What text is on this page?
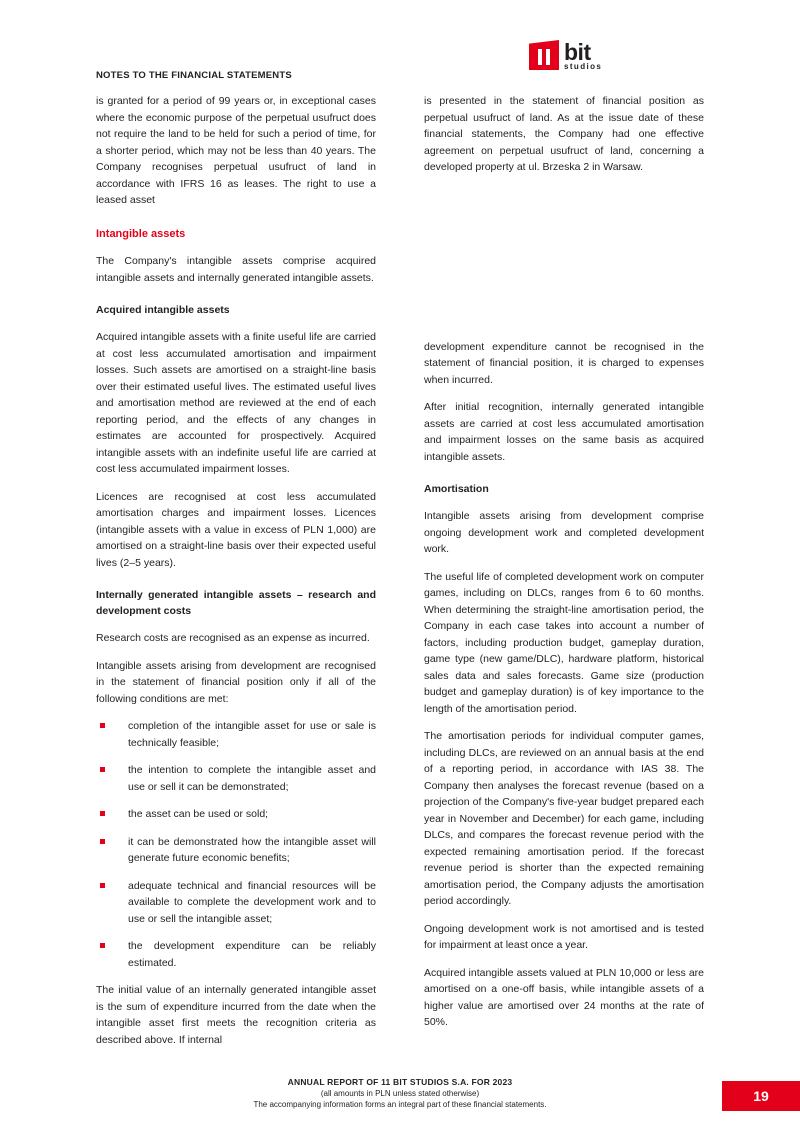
bit
studios
NOTES TO THE FINANCIAL STATEMENTS

is granted for a period of 99 years or, in exceptional cases where the economic purpose of the perpetual usufruct does not require the land to be held for such a period of time, for a shorter period, which may not be less than 40 years. The Company recognises perpetual usufruct of land in accordance with IFRS 16 as leases. The right to use a leased asset

Intangible assets

The Company's intangible assets comprise acquired intangible assets and internally generated intangible assets.

Acquired intangible assets

Acquired intangible assets with a finite useful life are carried at cost less accumulated amortisation and impairment losses. Such assets are amortised on a straight-line basis over their estimated useful lives. The estimated useful lives and amortisation method are reviewed at the end of each reporting period, and the effects of any changes in estimates are accounted for prospectively. Acquired intangible assets with an indefinite useful life are carried at cost less accumulated impairment losses.

Licences are recognised at cost less accumulated amortisation charges and impairment losses. Licences (intangible assets with a value in excess of PLN 1,000) are amortised on a straight-line basis over their expected useful lives (2–5 years).

Internally generated intangible assets – research and development costs

Research costs are recognised as an expense as incurred.

Intangible assets arising from development are recognised in the statement of financial position only if all of the following conditions are met:

completion of the intangible asset for use or sale is technically feasible;
the intention to complete the intangible asset and use or sell it can be demonstrated;
the asset can be used or sold;
it can be demonstrated how the intangible asset will generate future economic benefits;
adequate technical and financial resources will be available to complete the development work and to use or sell the intangible asset;
the development expenditure can be reliably estimated.

The initial value of an internally generated intangible asset is the sum of expenditure incurred from the date when the intangible asset first meets the recognition criteria as described above. If internal

is presented in the statement of financial position as perpetual usufruct of land. As at the issue date of these financial statements, the Company had one effective agreement on perpetual usufruct of land, concerning a developed property at ul. Brzeska 2 in Warsaw.

development expenditure cannot be recognised in the statement of financial position, it is charged to expenses when incurred.

After initial recognition, internally generated intangible assets are carried at cost less accumulated amortisation and impairment losses on the same basis as acquired intangible assets.

Amortisation

Intangible assets arising from development comprise ongoing development work and completed development work.

The useful life of completed development work on computer games, including on DLCs, ranges from 6 to 60 months. When determining the straight-line amortisation period, the Company in each case takes into account a number of factors, including production budget, gameplay duration, game type (new game/DLC), hardware platform, historical sales data and sales forecasts. Game size (production budget and gameplay duration) is of key importance to the length of the amortisation period.

The amortisation periods for individual computer games, including DLCs, are reviewed on an annual basis at the end of a reporting period, in accordance with IAS 38. The Company then analyses the forecast revenue (based on a projection of the Company's five-year budget prepared each year in November and December) for each game, including DLCs, and compares the forecast revenue period with the expected remaining amortisation period. If the forecast revenue period is shorter than the expected remaining amortisation period, the Company adjusts the amortisation period accordingly.

Ongoing development work is not amortised and is tested for impairment at least once a year.

Acquired intangible assets valued at PLN 10,000 or less are amortised on a one-off basis, while intangible assets of a higher value are amortised over 24 months at the rate of 50%.

ANNUAL REPORT OF 11 BIT STUDIOS S.A. FOR 2023
(all amounts in PLN unless stated otherwise)
The accompanying information forms an integral part of these financial statements.
19
